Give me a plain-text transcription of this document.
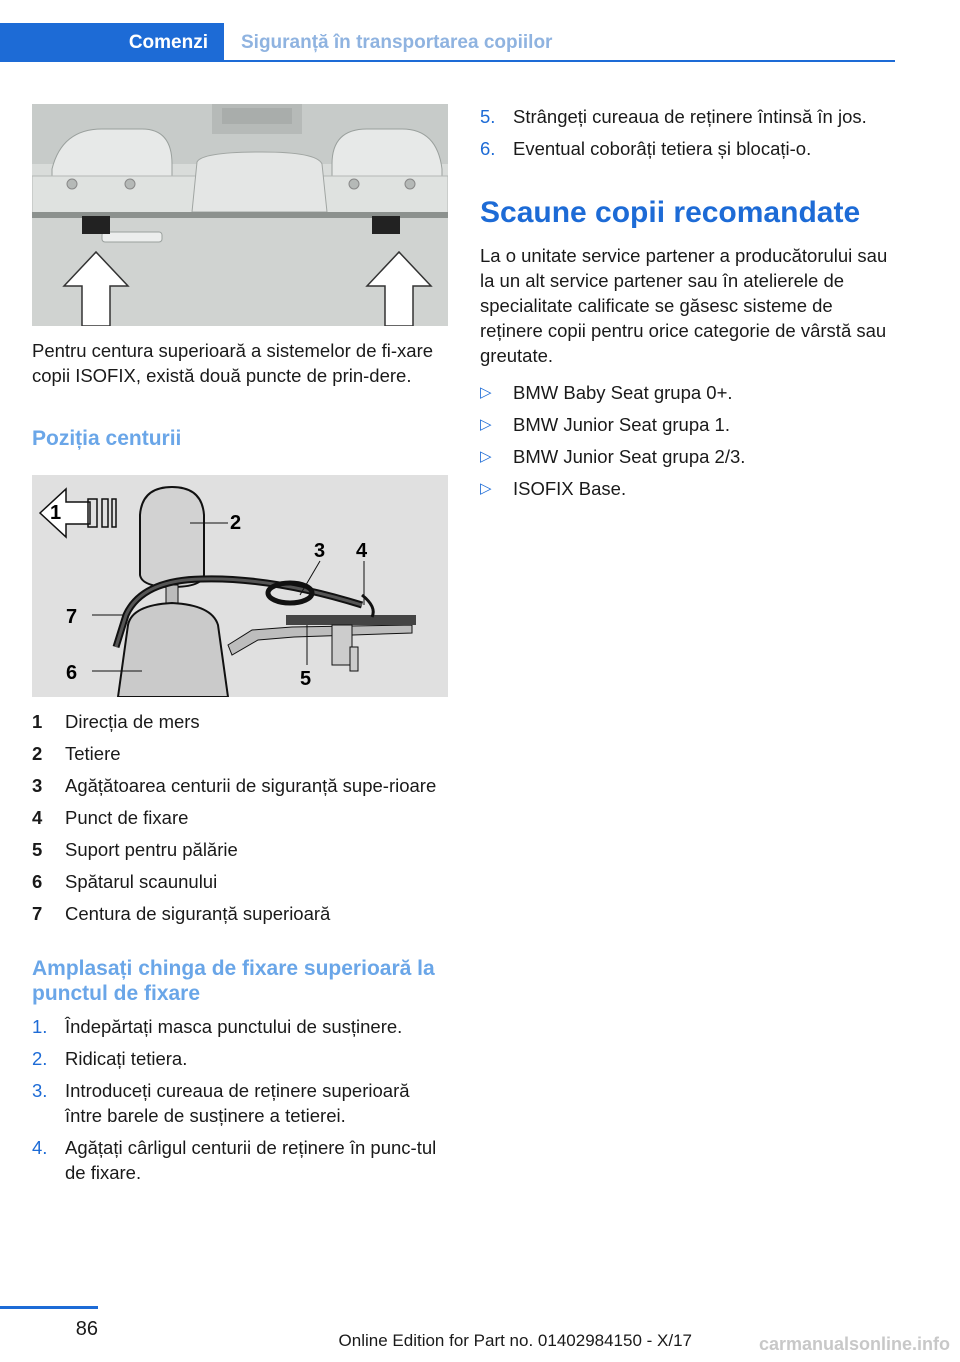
Comenzi	Siguranță în transportarea copiilor

Pentru centura superioară a sistemelor de fi-xare copii ISOFIX, există două puncte de prin-dere.

Poziția centurii
1	2
3 4
5
6
7
1	Direcția de mers
2	Tetiere
3	Agățătoarea centurii de siguranță supe-rioare
4	Punct de fixare
5	Suport pentru pălărie
6	Spătarul scaunului
7	Centura de siguranță superioară
Amplasați chinga de fixare superioară la punctul de fixare
1. Îndepărtați masca punctului de susținere.
2. Ridicați tetiera.
3. Introduceți cureaua de reținere superioară între barele de susținere a tetierei.
4. Agățați cârligul centurii de reținere în punc-tul de fixare.
5. Strângeți cureaua de reținere întinsă în jos.
6. Eventual coborâți tetiera și blocați-o.
Scaune copii recomandate

La o unitate service partener a producătorului sau la un alt service partener sau în atelierele de specialitate calificate se găsesc sisteme de reținere copii pentru orice categorie de vârstă sau greutate.

▷	BMW Baby Seat grupa 0+.
▷	BMW Junior Seat grupa 1.
▷	BMW Junior Seat grupa 2/3.
▷	ISOFIX Base.
86
Online Edition for Part no. 01402984150 - X/17	carmanualsonline.info
